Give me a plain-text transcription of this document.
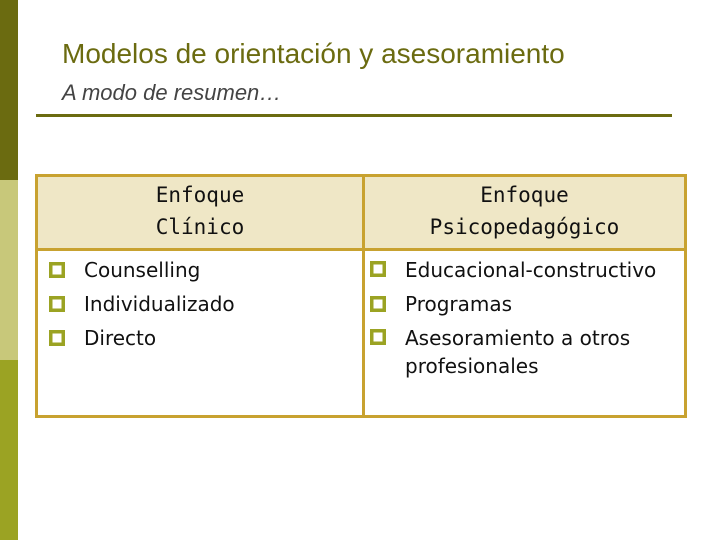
Modelos de orientación y asesoramiento
A modo de resumen…
Enfoque
Clínico
Enfoque
Psicopedagógico
Counselling
Individualizado
Directo
Educacional-constructivo
Programas
Asesoramiento a otros profesionales
